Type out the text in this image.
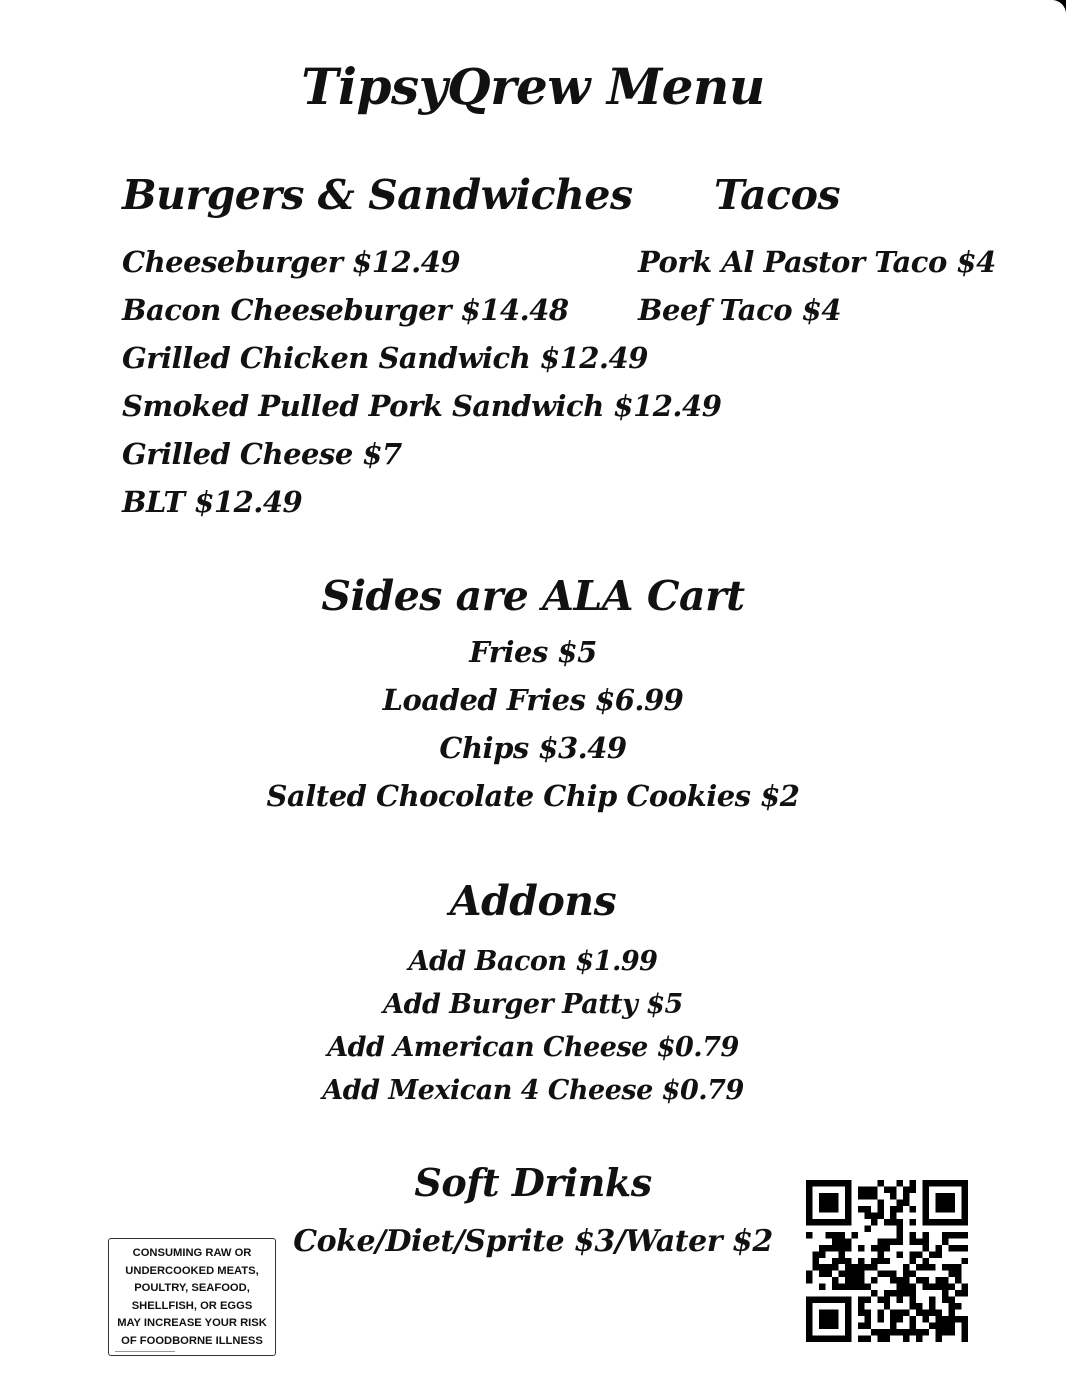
TipsyQrew Menu
Burgers & Sandwiches
Cheeseburger $12.49
Bacon Cheeseburger $14.48
Grilled Chicken Sandwich $12.49
Smoked Pulled Pork Sandwich $12.49
Grilled Cheese $7
BLT $12.49
Tacos
Pork Al Pastor Taco $4
Beef Taco $4
Sides are ALA Cart
Fries $5
Loaded Fries $6.99
Chips $3.49
Salted Chocolate Chip Cookies $2
Addons
Add Bacon $1.99
Add Burger Patty $5
Add American Cheese $0.79
Add Mexican 4 Cheese $0.79
Soft Drinks
Coke/Diet/Sprite $3/Water $2
CONSUMING RAW OR
UNDERCOOKED MEATS,
POULTRY, SEAFOOD,
SHELLFISH, OR EGGS
MAY INCREASE YOUR RISK
OF FOODBORNE ILLNESS
